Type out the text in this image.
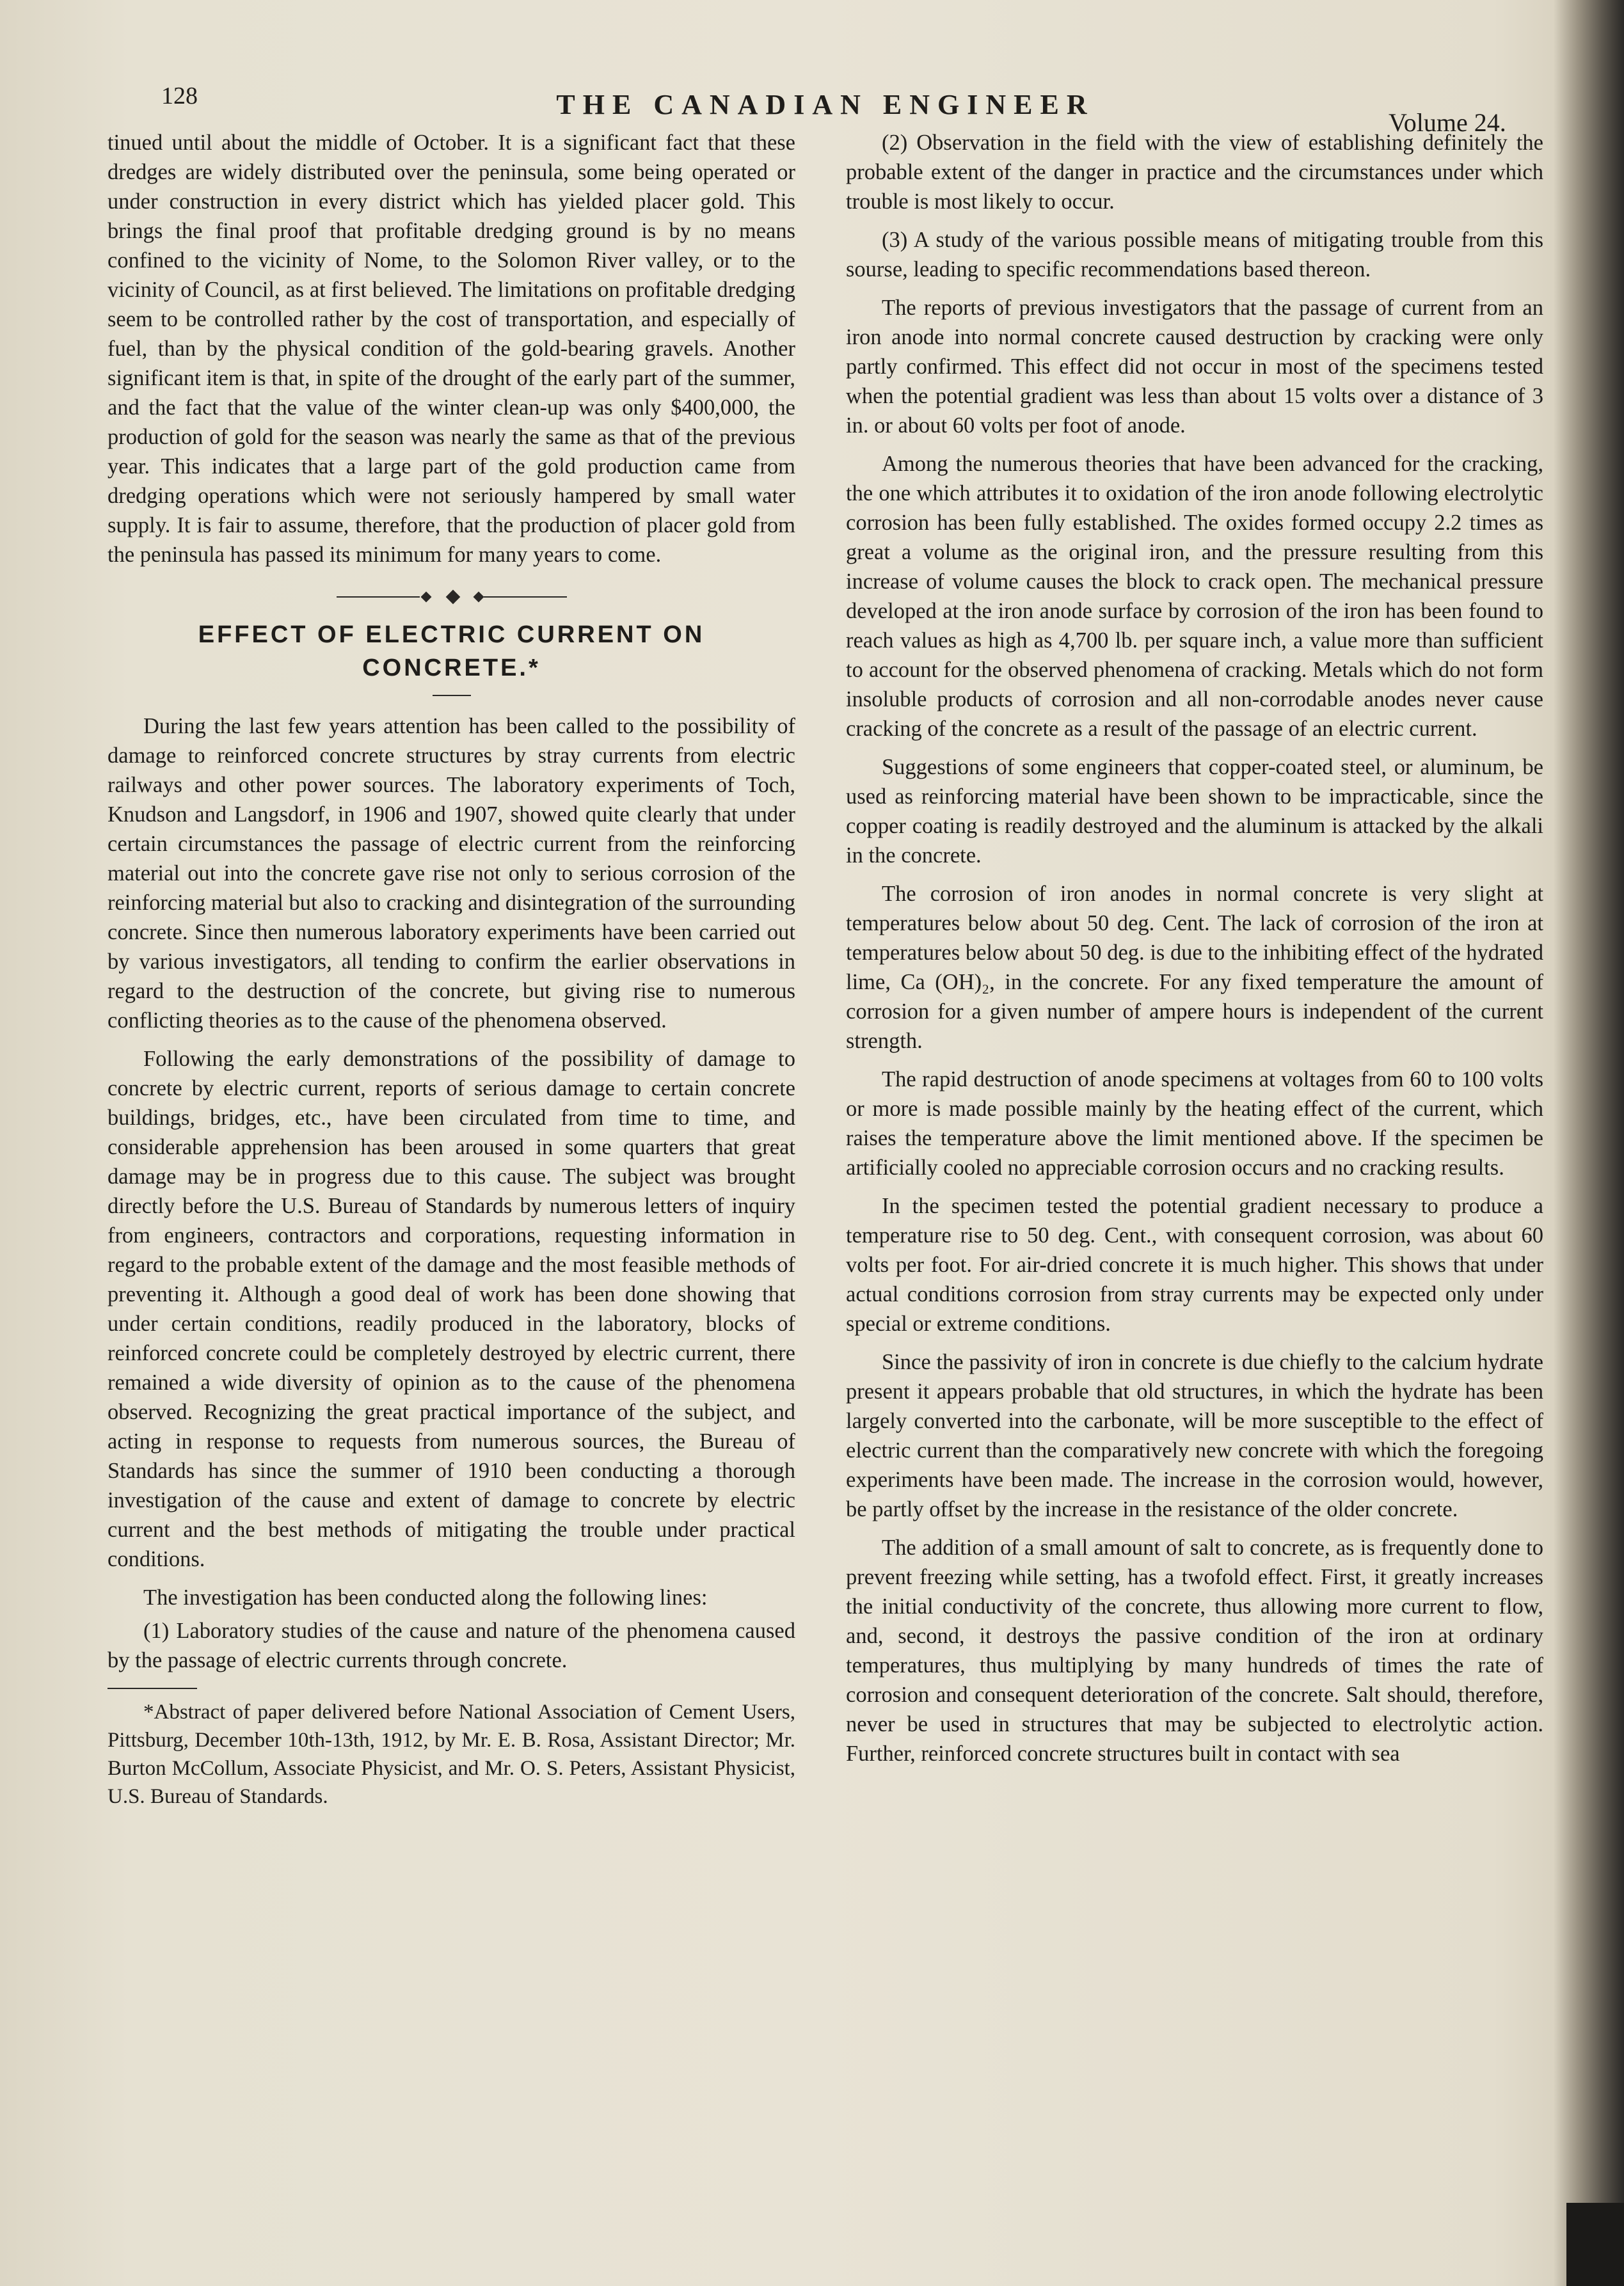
128	THE CANADIAN ENGINEER
Volume 24.

tinued until about the middle of October. It is a significant fact that these dredges are widely distributed over the peninsula, some being operated or under construction in every district which has yielded placer gold. This brings the final proof that profitable dredging ground is by no means confined to the vicinity of Nome, to the Solomon River valley, or to the vicinity of Council, as at first believed. The limitations on profitable dredging seem to be controlled rather by the cost of transportation, and especially of fuel, than by the physical condition of the gold-bearing gravels. Another significant item is that, in spite of the drought of the early part of the summer, and the fact that the value of the winter clean-up was only $400,000, the production of gold for the season was nearly the same as that of the previous year. This indicates that a large part of the gold production came from dredging operations which were not seriously hampered by small water supply. It is fair to assume, therefore, that the production of placer gold from the peninsula has passed its minimum for many years to come.

EFFECT OF ELECTRIC CURRENT ON CONCRETE.*

During the last few years attention has been called to the possibility of damage to reinforced concrete structures by stray currents from electric railways and other power sources. The laboratory experiments of Toch, Knudson and Langsdorf, in 1906 and 1907, showed quite clearly that under certain circumstances the passage of electric current from the reinforcing material out into the concrete gave rise not only to serious corrosion of the reinforcing material but also to cracking and disintegration of the surrounding concrete. Since then numerous laboratory experiments have been carried out by various investigators, all tending to confirm the earlier observations in regard to the destruction of the concrete, but giving rise to numerous conflicting theories as to the cause of the phenomena observed.

Following the early demonstrations of the possibility of damage to concrete by electric current, reports of serious damage to certain concrete buildings, bridges, etc., have been circulated from time to time, and considerable apprehension has been aroused in some quarters that great damage may be in progress due to this cause. The subject was brought directly before the U.S. Bureau of Standards by numerous letters of inquiry from engineers, contractors and corporations, requesting information in regard to the probable extent of the damage and the most feasible methods of preventing it. Although a good deal of work has been done showing that under certain conditions, readily produced in the laboratory, blocks of reinforced concrete could be completely destroyed by electric current, there remained a wide diversity of opinion as to the cause of the phenomena observed. Recognizing the great practical importance of the subject, and acting in response to requests from numerous sources, the Bureau of Standards has since the summer of 1910 been conducting a thorough investigation of the cause and extent of damage to concrete by electric current and the best methods of mitigating the trouble under practical conditions.

The investigation has been conducted along the following lines:

(1) Laboratory studies of the cause and nature of the phenomena caused by the passage of electric currents through concrete.

*Abstract of paper delivered before National Association of Cement Users, Pittsburg, December 10th-13th, 1912, by Mr. E. B. Rosa, Assistant Director; Mr. Burton McCollum, Associate Physicist, and Mr. O. S. Peters, Assistant Physicist, U.S. Bureau of Standards.

(2) Observation in the field with the view of establishing definitely the probable extent of the danger in practice and the circumstances under which trouble is most likely to occur.

(3) A study of the various possible means of mitigating trouble from this sourse, leading to specific recommendations based thereon.

The reports of previous investigators that the passage of current from an iron anode into normal concrete caused destruction by cracking were only partly confirmed. This effect did not occur in most of the specimens tested when the potential gradient was less than about 15 volts over a distance of 3 in. or about 60 volts per foot of anode.

Among the numerous theories that have been advanced for the cracking, the one which attributes it to oxidation of the iron anode following electrolytic corrosion has been fully established. The oxides formed occupy 2.2 times as great a volume as the original iron, and the pressure resulting from this increase of volume causes the block to crack open. The mechanical pressure developed at the iron anode surface by corrosion of the iron has been found to reach values as high as 4,700 lb. per square inch, a value more than sufficient to account for the observed phenomena of cracking. Metals which do not form insoluble products of corrosion and all non-corrodable anodes never cause cracking of the concrete as a result of the passage of an electric current.

Suggestions of some engineers that copper-coated steel, or aluminum, be used as reinforcing material have been shown to be impracticable, since the copper coating is readily destroyed and the aluminum is attacked by the alkali in the concrete.

The corrosion of iron anodes in normal concrete is very slight at temperatures below about 50 deg. Cent. The lack of corrosion of the iron at temperatures below about 50 deg. is due to the inhibiting effect of the hydrated lime, Ca (OH)₂, in the concrete. For any fixed temperature the amount of corrosion for a given number of ampere hours is independent of the current strength.

The rapid destruction of anode specimens at voltages from 60 to 100 volts or more is made possible mainly by the heating effect of the current, which raises the temperature above the limit mentioned above. If the specimen be artificially cooled no appreciable corrosion occurs and no cracking results.

In the specimen tested the potential gradient necessary to produce a temperature rise to 50 deg. Cent., with consequent corrosion, was about 60 volts per foot. For air-dried concrete it is much higher. This shows that under actual conditions corrosion from stray currents may be expected only under special or extreme conditions.

Since the passivity of iron in concrete is due chiefly to the calcium hydrate present it appears probable that old structures, in which the hydrate has been largely converted into the carbonate, will be more susceptible to the effect of electric current than the comparatively new concrete with which the foregoing experiments have been made. The increase in the corrosion would, however, be partly offset by the increase in the resistance of the older concrete.

The addition of a small amount of salt to concrete, as is frequently done to prevent freezing while setting, has a twofold effect. First, it greatly increases the initial conductivity of the concrete, thus allowing more current to flow, and, second, it destroys the passive condition of the iron at ordinary temperatures, thus multiplying by many hundreds of times the rate of corrosion and consequent deterioration of the concrete. Salt should, therefore, never be used in structures that may be subjected to electrolytic action. Further, reinforced concrete structures built in contact with sea
